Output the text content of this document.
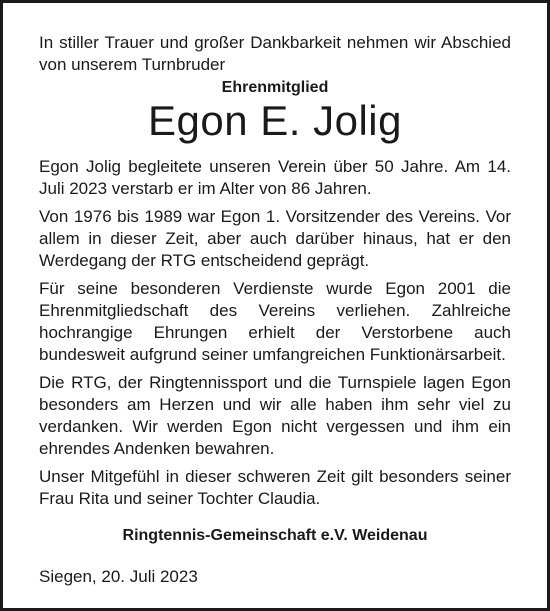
In stiller Trauer und großer Dankbarkeit nehmen wir Abschied von unserem Turnbruder

Ehrenmitglied

Egon E. Jolig

Egon Jolig begleitete unseren Verein über 50 Jahre. Am 14. Juli 2023 verstarb er im Alter von 86 Jahren.

Von 1976 bis 1989 war Egon 1. Vorsitzender des Vereins. Vor allem in dieser Zeit, aber auch darüber hinaus, hat er den Werdegang der RTG entscheidend geprägt.

Für seine besonderen Verdienste wurde Egon 2001 die Ehrenmitgliedschaft des Vereins verliehen. Zahlreiche hochrangige Ehrungen erhielt der Verstorbene auch bundesweit aufgrund seiner umfangreichen Funktionärsarbeit.

Die RTG, der Ringtennissport und die Turnspiele lagen Egon besonders am Herzen und wir alle haben ihm sehr viel zu verdanken. Wir werden Egon nicht vergessen und ihm ein ehrendes Andenken bewahren.

Unser Mitgefühl in dieser schweren Zeit gilt besonders seiner Frau Rita und seiner Tochter Claudia.

Ringtennis-Gemeinschaft e.V. Weidenau

Siegen, 20. Juli 2023
